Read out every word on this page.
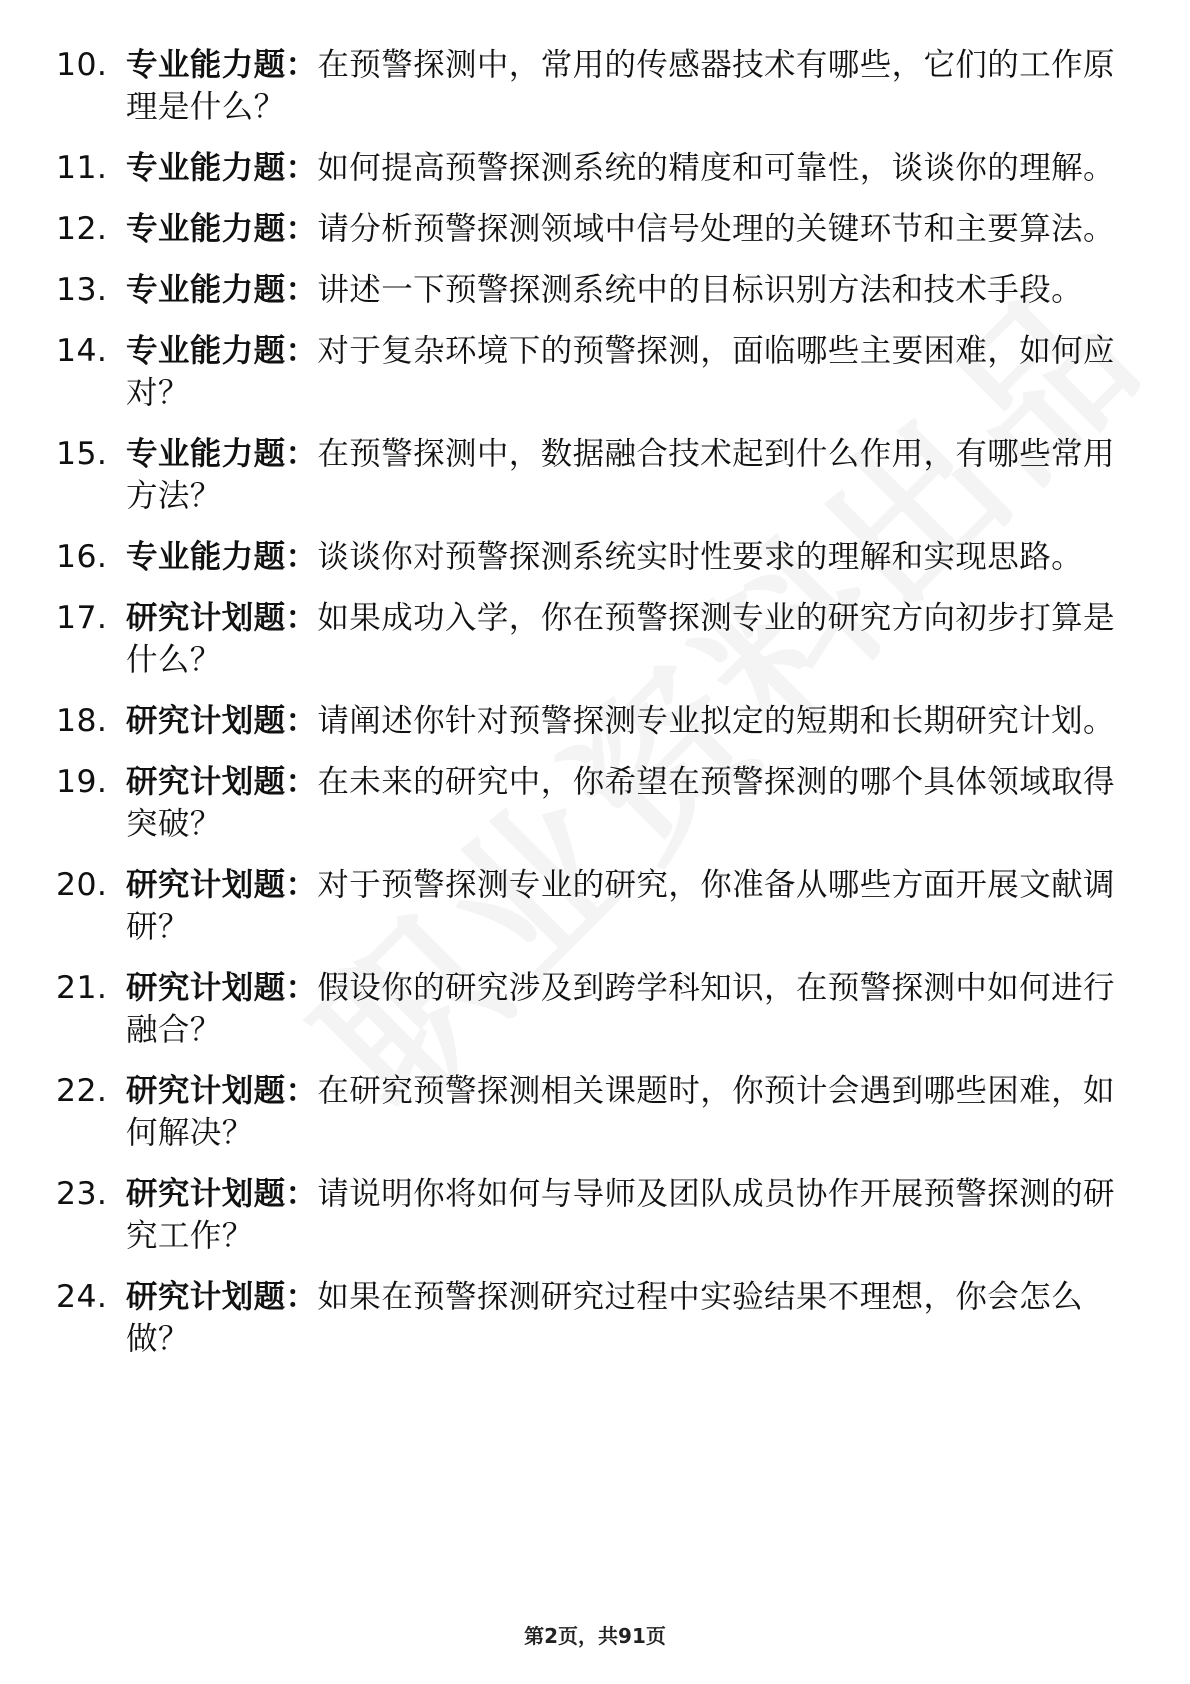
10. 专业能力题：在预警探测中，常用的传感器技术有哪些，它们的工作原理是什么？
11. 专业能力题：如何提高预警探测系统的精度和可靠性，谈谈你的理解。
12. 专业能力题：请分析预警探测领域中信号处理的关键环节和主要算法。
13. 专业能力题：讲述一下预警探测系统中的目标识别方法和技术手段。
14. 专业能力题：对于复杂环境下的预警探测，面临哪些主要困难，如何应对？
15. 专业能力题：在预警探测中，数据融合技术起到什么作用，有哪些常用方法？
16. 专业能力题：谈谈你对预警探测系统实时性要求的理解和实现思路。
17. 研究计划题：如果成功入学，你在预警探测专业的研究方向初步打算是什么？
18. 研究计划题：请阐述你针对预警探测专业拟定的短期和长期研究计划。
19. 研究计划题：在未来的研究中，你希望在预警探测的哪个具体领域取得突破？
20. 研究计划题：对于预警探测专业的研究，你准备从哪些方面开展文献调研？
21. 研究计划题：假设你的研究涉及到跨学科知识，在预警探测中如何进行融合？
22. 研究计划题：在研究预警探测相关课题时，你预计会遇到哪些困难，如何解决？
23. 研究计划题：请说明你将如何与导师及团队成员协作开展预警探测的研究工作？
24. 研究计划题：如果在预警探测研究过程中实验结果不理想，你会怎么做？
第2页，共91页
